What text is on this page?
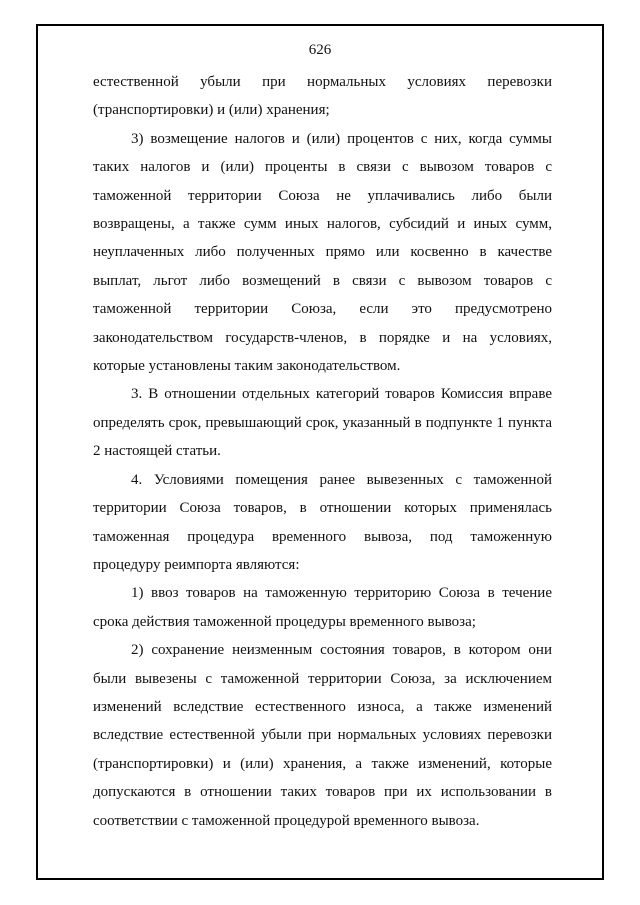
626

естественной убыли при нормальных условиях перевозки (транспортировки) и (или) хранения;

3) возмещение налогов и (или) процентов с них, когда суммы таких налогов и (или) проценты в связи с вывозом товаров с таможенной территории Союза не уплачивались либо были возвращены, а также сумм иных налогов, субсидий и иных сумм, неуплаченных либо полученных прямо или косвенно в качестве выплат, льгот либо возмещений в связи с вывозом товаров с таможенной территории Союза, если это предусмотрено законодательством государств-членов, в порядке и на условиях, которые установлены таким законодательством.

3. В отношении отдельных категорий товаров Комиссия вправе определять срок, превышающий срок, указанный в подпункте 1 пункта 2 настоящей статьи.

4. Условиями помещения ранее вывезенных с таможенной территории Союза товаров, в отношении которых применялась таможенная процедура временного вывоза, под таможенную процедуру реимпорта являются:

1) ввоз товаров на таможенную территорию Союза в течение срока действия таможенной процедуры временного вывоза;

2) сохранение неизменным состояния товаров, в котором они были вывезены с таможенной территории Союза, за исключением изменений вследствие естественного износа, а также изменений вследствие естественной убыли при нормальных условиях перевозки (транспортировки) и (или) хранения, а также изменений, которые допускаются в отношении таких товаров при их использовании в соответствии с таможенной процедурой временного вывоза.
